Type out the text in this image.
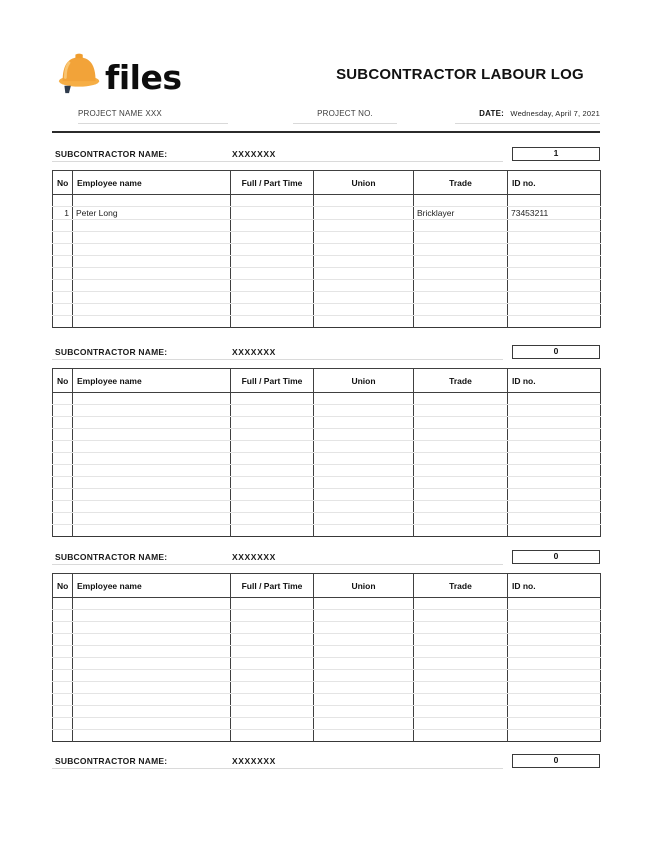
files	SUBCONTRACTOR LABOUR LOG
PROJECT NAME XXX	PROJECT NO.	DATE: Wednesday, April 7, 2021
SUBCONTRACTOR NAME:	XXXXXXX	1
No	Employee name	Full / Part Time	Union	Trade	ID no.

1	Peter Long			Bricklayer	73453211

SUBCONTRACTOR NAME:	XXXXXXX	0
No	Employee name	Full / Part Time	Union	Trade	ID no.

SUBCONTRACTOR NAME:	XXXXXXX	0
No	Employee name	Full / Part Time	Union	Trade	ID no.

SUBCONTRACTOR NAME:	XXXXXXX	0
